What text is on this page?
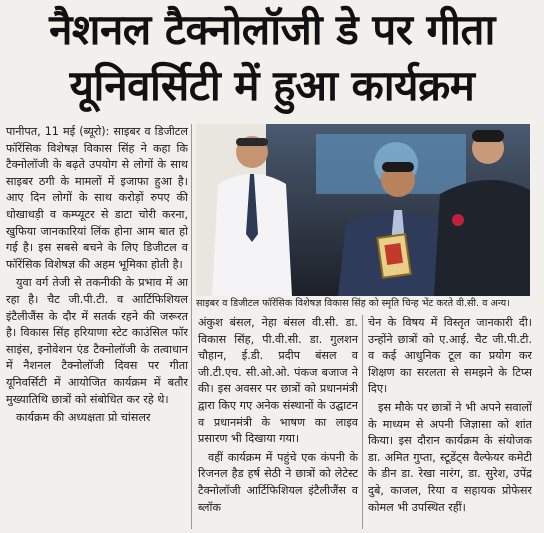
नैशनल टैक्नोलॉजी डे पर गीता
यूनिवर्सिटी में हुआ कार्यक्रम

पानीपत, 11 मई (ब्यूरो): साइबर व डिजीटल फॉरेंसिक विशेषज्ञ विकास सिंह ने कहा कि टैक्नोलॉजी के बढ़ते उपयोग से लोगों के साथ साइबर ठगी के मामलों में इजाफा हुआ है। आए दिन लोगों के साथ करोड़ों रुपए की धोखाधड़ी व कम्प्यूटर से डाटा चोरी करना, खुफिया जानकारियां लिंक होना आम बात हो गई है। इस सबसे बचने के लिए डिजीटल व फॉरेंसिक विशेषज्ञ की अहम भूमिका होती है।

युवा वर्ग तेजी से तकनीकी के प्रभाव में आ रहा है। चैट जी.पी.टी. व आर्टिफिशियल इंटैलीजैंस के दौर में सतर्क रहने की जरूरत है। विकास सिंह हरियाणा स्टेट काउंसिल फॉर साइंस, इनोवेशन एंड टैक्नोलॉजी के तत्वाधान में नैशनल टैक्नोलॉजी दिवस पर गीता यूनिवर्सिटी में आयोजित कार्यक्रम में बतौर मुख्यातिथि छात्रों को संबोधित कर रहे थे।

कार्यक्रम की अध्यक्षता प्रो चांसलर

साइबर व डिजीटल फॉरेंसिक विशेषज्ञ विकास सिंह को स्मृति चिन्ह भेंट करते वी.सी. व अन्य।

अंकुश बंसल, नेहा बंसल वी.सी. डा. विकास सिंह, पी.वी.सी. डा. गुलशन चौहान, ई.डी. प्रदीप बंसल व जी.टी.एच. सी.ओ.ओ. पंकज बजाज ने की। इस अवसर पर छात्रों को प्रधानमंत्री द्वारा किए गए अनेक संस्थानों के उद्घाटन व प्रधानमंत्री के भाषण का लाइव प्रसारण भी दिखाया गया।

वहीं कार्यक्रम में पहुंचे एक कंपनी के रिजनल हैड हर्ष सेठी ने छात्रों को लेटेस्ट टैक्नोलॉजी आर्टिफिशियल इंटैलीजैंस व ब्लॉक

चेन के विषय में विस्तृत जानकारी दी। उन्होंने छात्रों को ए.आई. चैट जी.पी.टी. व कई आधुनिक टूल का प्रयोग कर शिक्षण का सरलता से समझने के टिप्स दिए।

इस मौके पर छात्रों ने भी अपने सवालों के माध्यम से अपनी जिज्ञासा को शांत किया। इस दौरान कार्यक्रम के संयोजक डा. अमित गुप्ता, स्टूडेंट्स वैल्फेयर कमेटी के डीन डा. रेखा नारंग, डा. सुरेश, उपेंद्र दुबे, काजल, रिया व सहायक प्रोफेसर कोमल भी उपस्थित रहीं।
